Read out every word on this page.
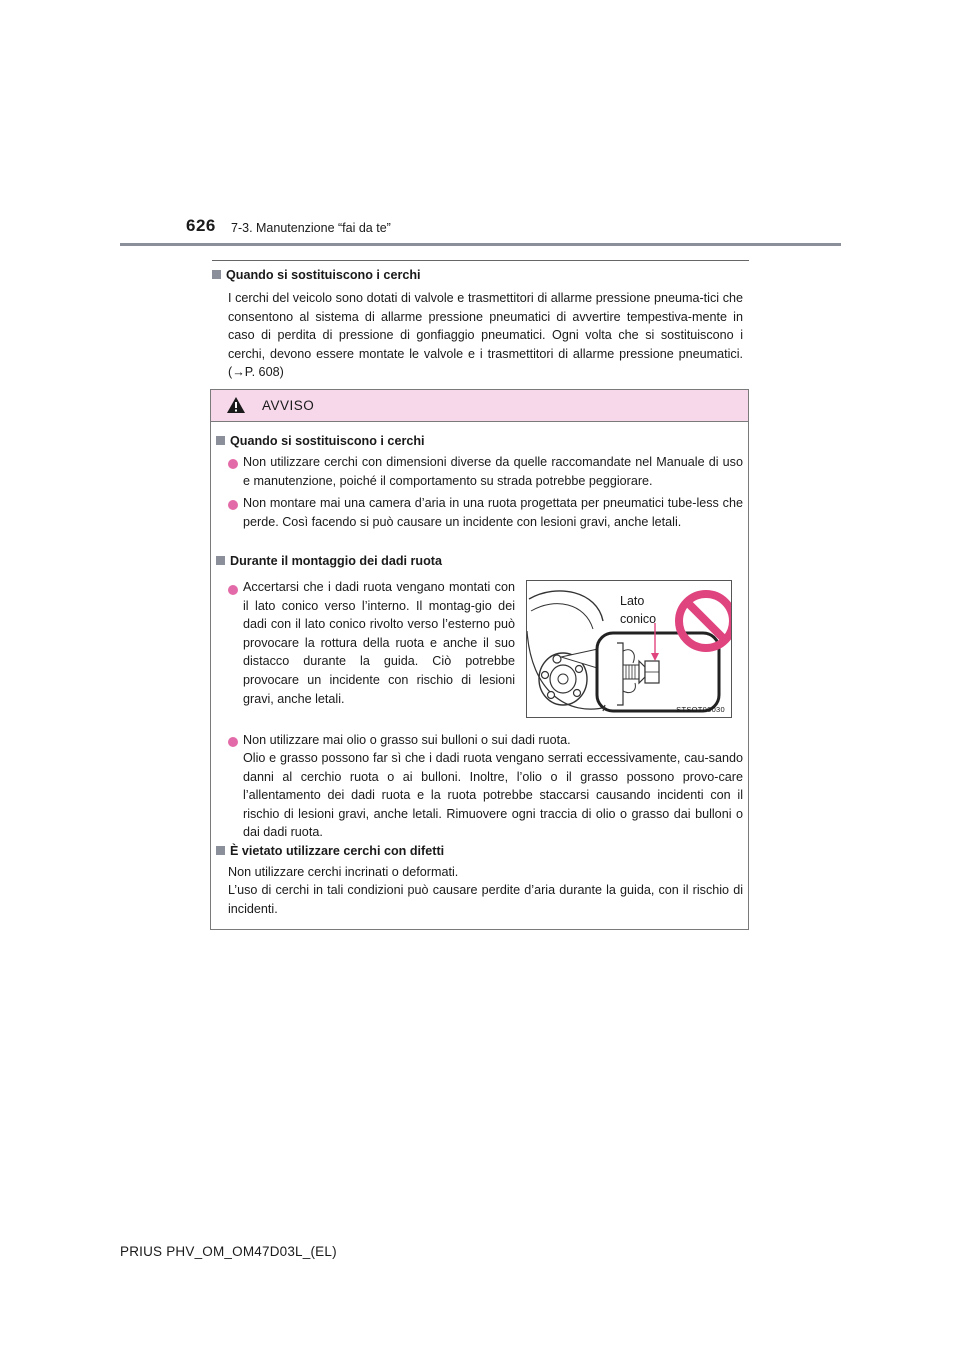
626 7-3. Manutenzione “fai da te”
Quando si sostituiscono i cerchi
I cerchi del veicolo sono dotati di valvole e trasmettitori di allarme pressione pneuma-tici che consentono al sistema di allarme pressione pneumatici di avvertire tempestiva-mente in caso di perdita di pressione di gonfiaggio pneumatici. Ogni volta che si sostituiscono i cerchi, devono essere montate le valvole e i trasmettitori di allarme pressione pneumatici. (→P. 608)
AVVISO
Quando si sostituiscono i cerchi
Non utilizzare cerchi con dimensioni diverse da quelle raccomandate nel Manuale di uso e manutenzione, poiché il comportamento su strada potrebbe peggiorare.
Non montare mai una camera d’aria in una ruota progettata per pneumatici tube-less che perde. Così facendo si può causare un incidente con lesioni gravi, anche letali.
Durante il montaggio dei dadi ruota
Accertarsi che i dadi ruota vengano montati con il lato conico verso l’interno. Il montag-gio dei dadi con il lato conico rivolto verso l’esterno può provocare la rottura della ruota e anche il suo distacco durante la guida. Ciò potrebbe provocare un incidente con rischio di lesioni gravi, anche letali.
Lato
conico
STSOT00030
Non utilizzare mai olio o grasso sui bulloni o sui dadi ruota.
Olio e grasso possono far sì che i dadi ruota vengano serrati eccessivamente, cau-sando danni al cerchio ruota o ai bulloni. Inoltre, l’olio o il grasso possono provo-care l’allentamento dei dadi ruota e la ruota potrebbe staccarsi causando incidenti con il rischio di lesioni gravi, anche letali. Rimuovere ogni traccia di olio o grasso dai bulloni o dai dadi ruota.
È vietato utilizzare cerchi con difetti
Non utilizzare cerchi incrinati o deformati.
L’uso di cerchi in tali condizioni può causare perdite d’aria durante la guida, con il rischio di incidenti.
PRIUS PHV_OM_OM47D03L_(EL)
